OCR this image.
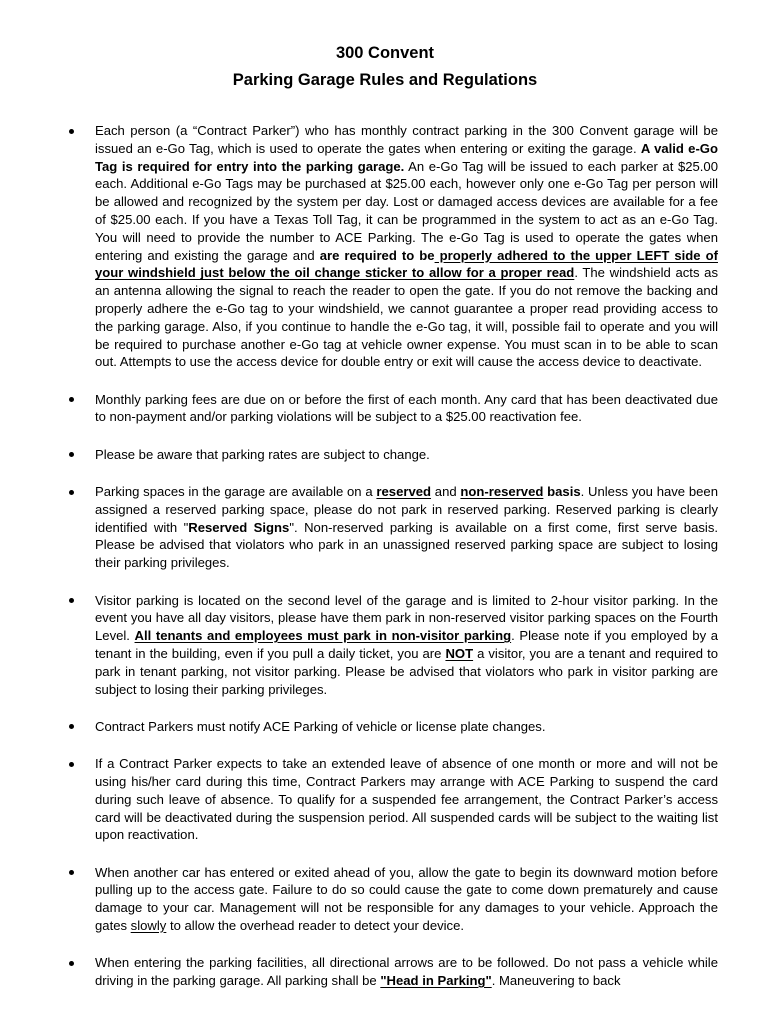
300 Convent

Parking Garage Rules and Regulations

Each person (a “Contract Parker”) who has monthly contract parking in the 300 Convent garage will be issued an e-Go Tag, which is used to operate the gates when entering or exiting the garage. A valid e-Go Tag is required for entry into the parking garage. An e-Go Tag will be issued to each parker at $25.00 each. Additional e-Go Tags may be purchased at $25.00 each, however only one e-Go Tag per person will be allowed and recognized by the system per day. Lost or damaged access devices are available for a fee of $25.00 each. If you have a Texas Toll Tag, it can be programmed in the system to act as an e-Go Tag. You will need to provide the number to ACE Parking. The e-Go Tag is used to operate the gates when entering and existing the garage and are required to be properly adhered to the upper LEFT side of your windshield just below the oil change sticker to allow for a proper read. The windshield acts as an antenna allowing the signal to reach the reader to open the gate. If you do not remove the backing and properly adhere the e-Go tag to your windshield, we cannot guarantee a proper read providing access to the parking garage. Also, if you continue to handle the e-Go tag, it will, possible fail to operate and you will be required to purchase another e-Go tag at vehicle owner expense. You must scan in to be able to scan out. Attempts to use the access device for double entry or exit will cause the access device to deactivate.
Monthly parking fees are due on or before the first of each month. Any card that has been deactivated due to non-payment and/or parking violations will be subject to a $25.00 reactivation fee.
Please be aware that parking rates are subject to change.
Parking spaces in the garage are available on a reserved and non-reserved basis. Unless you have been assigned a reserved parking space, please do not park in reserved parking. Reserved parking is clearly identified with "Reserved Signs". Non-reserved parking is available on a first come, first serve basis. Please be advised that violators who park in an unassigned reserved parking space are subject to losing their parking privileges.
Visitor parking is located on the second level of the garage and is limited to 2-hour visitor parking. In the event you have all day visitors, please have them park in non-reserved visitor parking spaces on the Fourth Level. All tenants and employees must park in non-visitor parking. Please note if you employed by a tenant in the building, even if you pull a daily ticket, you are NOT a visitor, you are a tenant and required to park in tenant parking, not visitor parking. Please be advised that violators who park in visitor parking are subject to losing their parking privileges.
Contract Parkers must notify ACE Parking of vehicle or license plate changes.
If a Contract Parker expects to take an extended leave of absence of one month or more and will not be using his/her card during this time, Contract Parkers may arrange with ACE Parking to suspend the card during such leave of absence. To qualify for a suspended fee arrangement, the Contract Parker’s access card will be deactivated during the suspension period. All suspended cards will be subject to the waiting list upon reactivation.
When another car has entered or exited ahead of you, allow the gate to begin its downward motion before pulling up to the access gate. Failure to do so could cause the gate to come down prematurely and cause damage to your car. Management will not be responsible for any damages to your vehicle. Approach the gates slowly to allow the overhead reader to detect your device.
When entering the parking facilities, all directional arrows are to be followed. Do not pass a vehicle while driving in the parking garage. All parking shall be "Head in Parking". Maneuvering to back
